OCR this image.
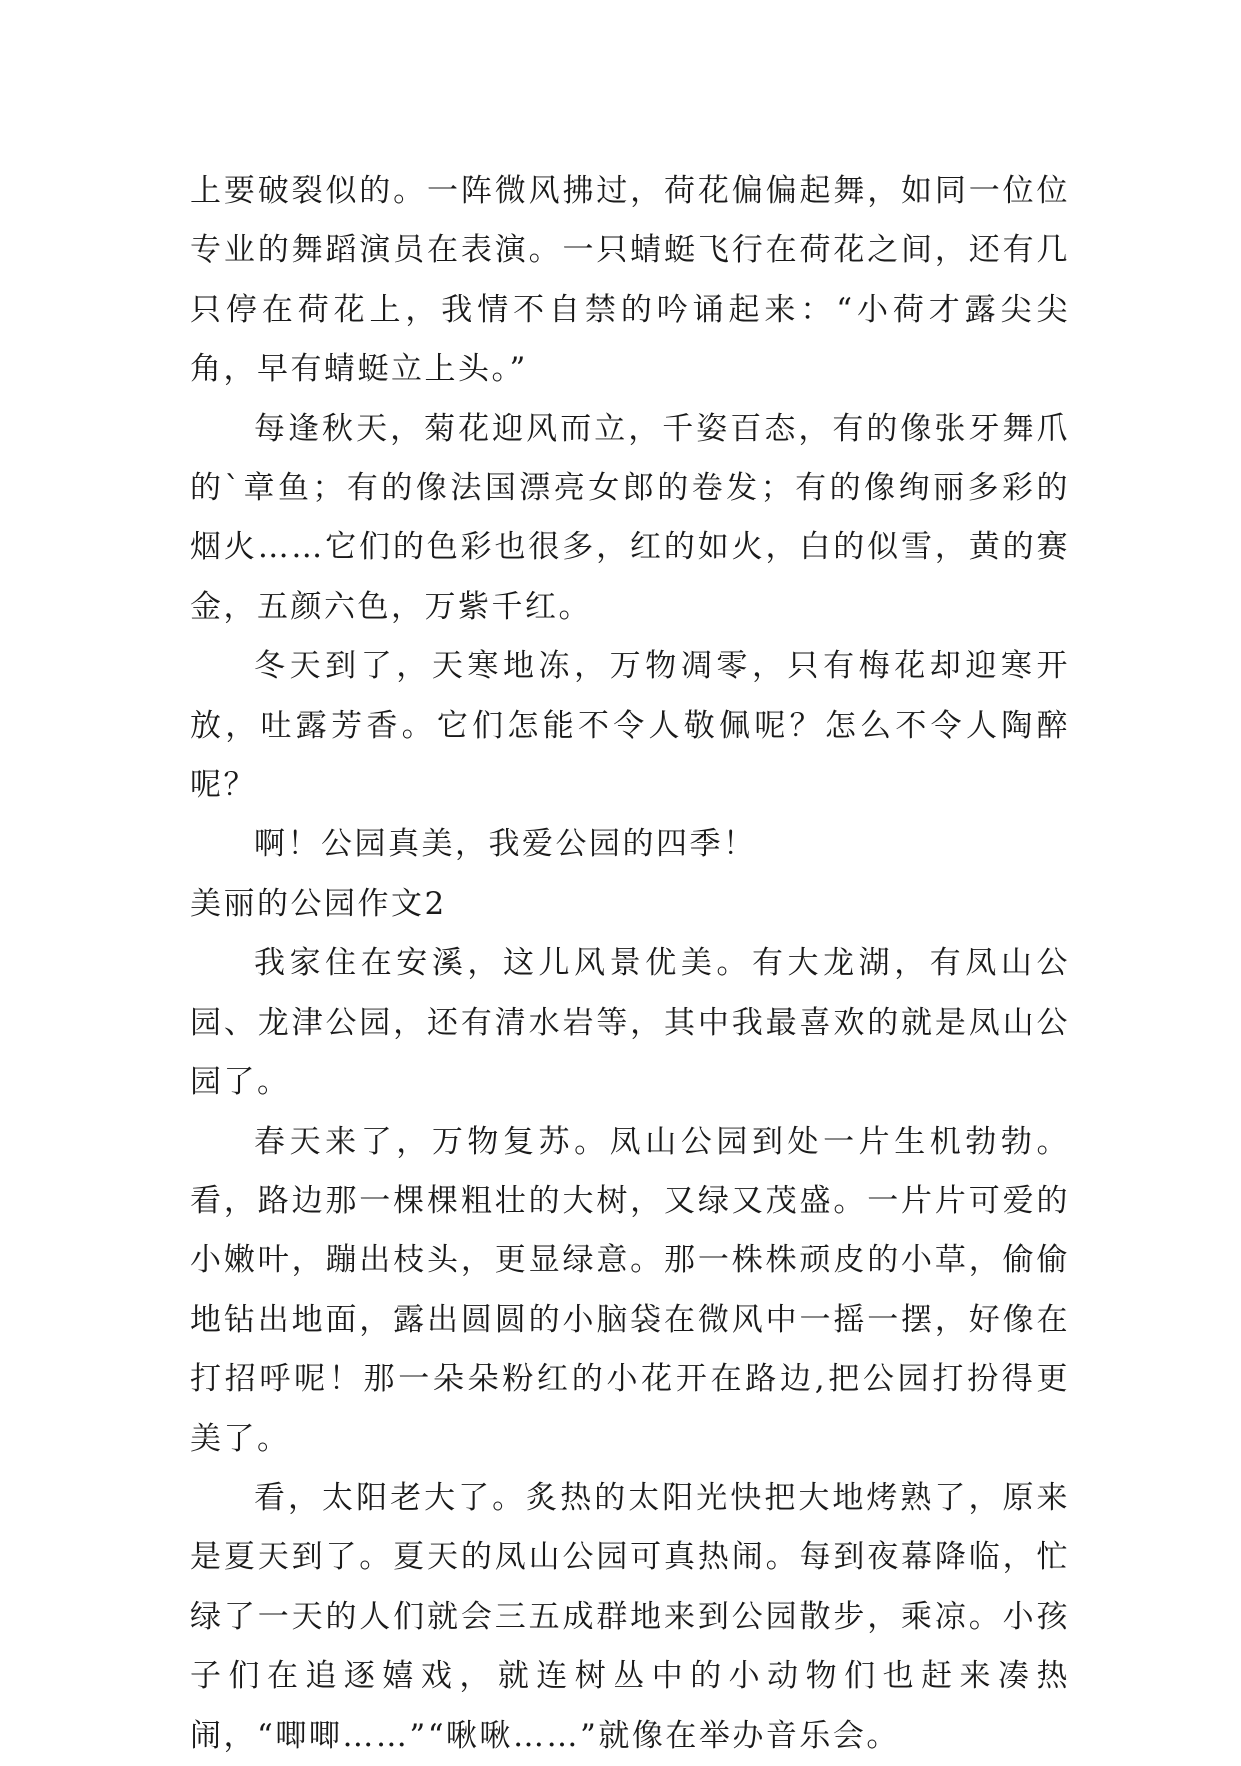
上要破裂似的。一阵微风拂过，荷花偏偏起舞，如同一位位专业的舞蹈演员在表演。一只蜻蜓飞行在荷花之间，还有几只停在荷花上，我情不自禁的吟诵起来：“小荷才露尖尖角，早有蜻蜓立上头。”

每逢秋天，菊花迎风而立，千姿百态，有的像张牙舞爪的`章鱼；有的像法国漂亮女郎的卷发；有的像绚丽多彩的烟火……它们的色彩也很多，红的如火，白的似雪，黄的赛金，五颜六色，万紫千红。

冬天到了，天寒地冻，万物凋零，只有梅花却迎寒开放，吐露芳香。它们怎能不令人敬佩呢？怎么不令人陶醉呢？

啊！公园真美，我爱公园的四季！

美丽的公园作文2

我家住在安溪，这儿风景优美。有大龙湖，有凤山公园、龙津公园，还有清水岩等，其中我最喜欢的就是凤山公园了。

春天来了，万物复苏。凤山公园到处一片生机勃勃。看，路边那一棵棵粗壮的大树，又绿又茂盛。一片片可爱的小嫩叶，蹦出枝头，更显绿意。那一株株顽皮的小草，偷偷地钻出地面，露出圆圆的小脑袋在微风中一摇一摆，好像在打招呼呢！那一朵朵粉红的小花开在路边,把公园打扮得更美了。

看，太阳老大了。炙热的太阳光快把大地烤熟了，原来是夏天到了。夏天的凤山公园可真热闹。每到夜幕降临，忙绿了一天的人们就会三五成群地来到公园散步，乘凉。小孩子们在追逐嬉戏，就连树丛中的小动物们也赶来凑热闹，“唧唧……”“啾啾……”就像在举办音乐会。
